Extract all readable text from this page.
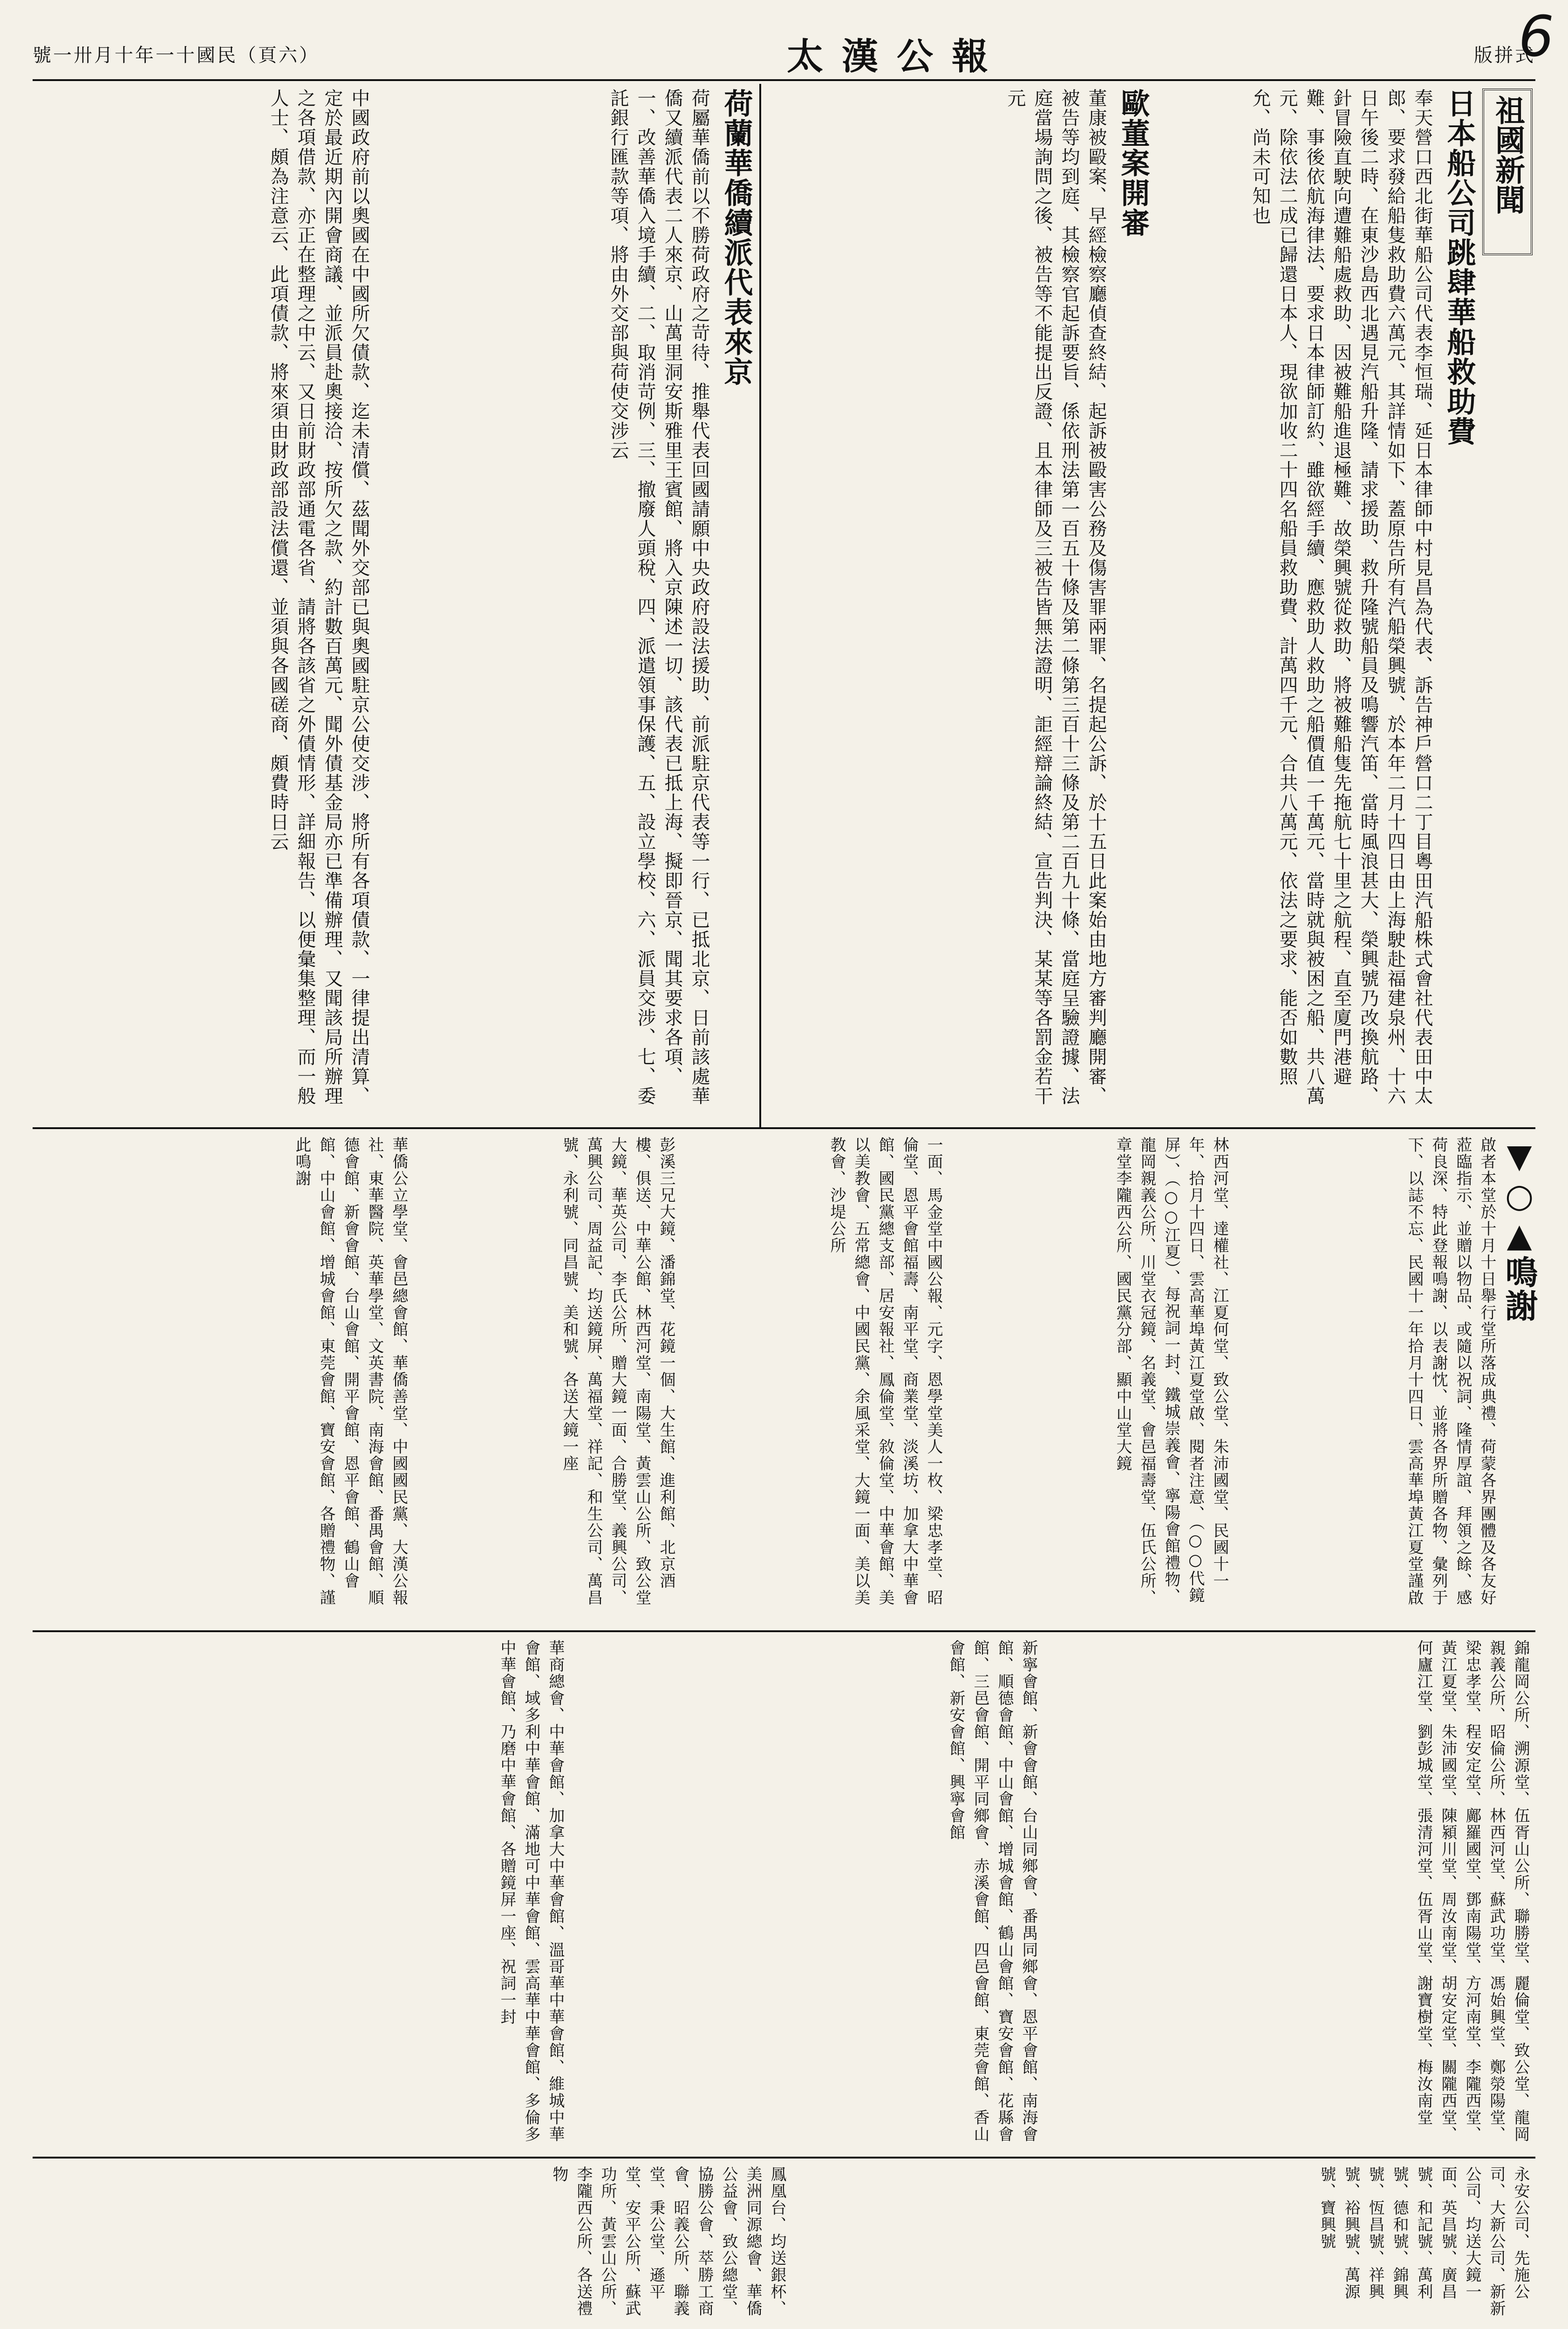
6
號一卅月十年一十國民（頁六）	太漢公報	版拼式
祖國新聞
日本船公司跳肆華船救助費
奉天營口西北街華船公司代表李恒瑞、延日本律師中村見昌為代表、訴告神戶營口二丁目粵田汽船株式會社代表田中太郎、要求發給船隻救助費六萬元、其詳情如下、蓋原告所有汽船榮興號、於本年二月十四日由上海駛赴福建泉州、十六日午後二時、在東沙島西北遇見汽船升隆、請求援助、救升隆號船員及鳴響汽笛、當時風浪甚大、榮興號乃改換航路、針冒險直駛向遭難船處救助、因被難船進退極難、故榮興號從救助、將被難船隻先拖航七十里之航程、直至廈門港避難、事後依航海律法、要求日本律師訂約、雖欲經手續、應救助人救助之船價值一千萬元、當時就與被困之船、共八萬元、除依法二成已歸還日本人、現欲加收二十四名船員救助費、計萬四千元、合共八萬元、依法之要求、能否如數照允、尚未可知也
歐董案開審
董康被毆案、早經檢察廳偵查終結、起訴被毆害公務及傷害罪兩罪、名提起公訴、於十五日此案始由地方審判廳開審、被告等均到庭、其檢察官起訴要旨、係依刑法第一百五十條及第二條第三百十三條及第二百九十條、當庭呈驗證據、法庭當場詢問之後、被告等不能提出反證、且本律師及三被告皆無法證明、詎經辯論終結、宣告判決、某某等各罰金若干元
荷蘭華僑續派代表來京
荷屬華僑前以不勝荷政府之苛待、推舉代表回國請願中央政府設法援助、前派駐京代表等一行、已抵北京、日前該處華僑又續派代表二人來京、山萬里洞安斯雅里王賓館、將入京陳述一切、該代表已抵上海、擬即晉京、聞其要求各項、一、改善華僑入境手續、二、取消苛例、三、撤廢人頭稅、四、派遣領事保護、五、設立學校、六、派員交涉、七、委託銀行匯款等項、將由外交部與荷使交涉云
中國政府前以奧國在中國所欠債款、迄未清償、茲聞外交部已與奧國駐京公使交涉、將所有各項債款、一律提出清算、定於最近期內開會商議、並派員赴奧接洽、按所欠之款、約計數百萬元、聞外債基金局亦已準備辦理、又聞該局所辦理之各項借款、亦正在整理之中云、又日前財政部通電各省、請將各該省之外債情形、詳細報告、以便彙集整理、而一般人士、頗為注意云、此項債款、將來須由財政部設法償還、並須與各國磋商、頗費時日云
▼○▲鳴謝
啟者本堂於十月十日舉行堂所落成典禮、荷蒙各界團體及各友好蒞臨指示、並贈以物品、或隨以祝詞、隆情厚誼、拜領之餘、感荷良深、特此登報鳴謝、以表謝忱、並將各界所贈各物、彙列于下、以誌不忘、民國十一年拾月十四日、雲高華埠黃江夏堂謹啟
林西河堂、達權社、江夏何堂、致公堂、朱沛國堂、民國十一年、拾月十四日、雲高華埠黃江夏堂啟、閱者注意、（○○代鏡屏）、（○○江夏）、每祝詞一封、鐵城崇義會、寧陽會館禮物、龍岡親義公所、川堂衣冠鏡、名義堂、會邑福壽堂、伍氏公所、章堂李隴西公所、國民黨分部、顯中山堂大鏡
一面、馬金堂中國公報、元字、恩學堂美人一枚、梁忠孝堂、昭倫堂、恩平會館福壽、南平堂、商業堂、淡溪坊、加拿大中華會館、國民黨總支部、居安報社、鳳倫堂、敘倫堂、中華會館、美以美教會、五常總會、中國民黨、余風采堂、大鏡一面、美以美教會、沙堤公所
彭溪三兄大鏡、潘錦堂、花鏡一個、大生館、進利館、北京酒樓、俱送、中華公館、林西河堂、南陽堂、黃雲山公所、致公堂大鏡、華英公司、李氏公所、贈大鏡一面、合勝堂、義興公司、萬興公司、周益記、均送鏡屏、萬福堂、祥記、和生公司、萬昌號、永利號、同昌號、美和號、各送大鏡一座
華僑公立學堂、會邑總會館、華僑善堂、中國國民黨、大漢公報社、東華醫院、英華學堂、文英書院、南海會館、番禺會館、順德會館、新會會館、台山會館、開平會館、恩平會館、鶴山會館、中山會館、增城會館、東莞會館、寶安會館、各贈禮物、謹此鳴謝
錦龍岡公所、溯源堂、伍胥山公所、聯勝堂、麗倫堂、致公堂、龍岡親義公所、昭倫公所、林西河堂、蘇武功堂、馮始興堂、鄭滎陽堂、梁忠孝堂、程安定堂、鄺羅國堂、鄧南陽堂、方河南堂、李隴西堂、黃江夏堂、朱沛國堂、陳潁川堂、周汝南堂、胡安定堂、關隴西堂、何廬江堂、劉彭城堂、張清河堂、伍胥山堂、謝寶樹堂、梅汝南堂
新寧會館、新會會館、台山同鄉會、番禺同鄉會、恩平會館、南海會館、順德會館、中山會館、增城會館、鶴山會館、寶安會館、花縣會館、三邑會館、開平同鄉會、赤溪會館、四邑會館、東莞會館、香山會館、新安會館、興寧會館
華商總會、中華會館、加拿大中華會館、溫哥華中華會館、維城中華會館、域多利中華會館、滿地可中華會館、雲高華中華會館、多倫多中華會館、乃磨中華會館、各贈鏡屏一座、祝詞一封
永安公司、先施公司、大新公司、新新公司、均送大鏡一面、英昌號、廣昌號、和記號、萬利號、德和號、錦興號、恆昌號、祥興號、裕興號、萬源號、寶興號
鳳凰台、均送銀杯、美洲同源總會、華僑公益會、致公總堂、協勝公會、萃勝工商會、昭義公所、聯義堂、秉公堂、遜平堂、安平公所、蘇武功所、黃雲山公所、李隴西公所、各送禮物
